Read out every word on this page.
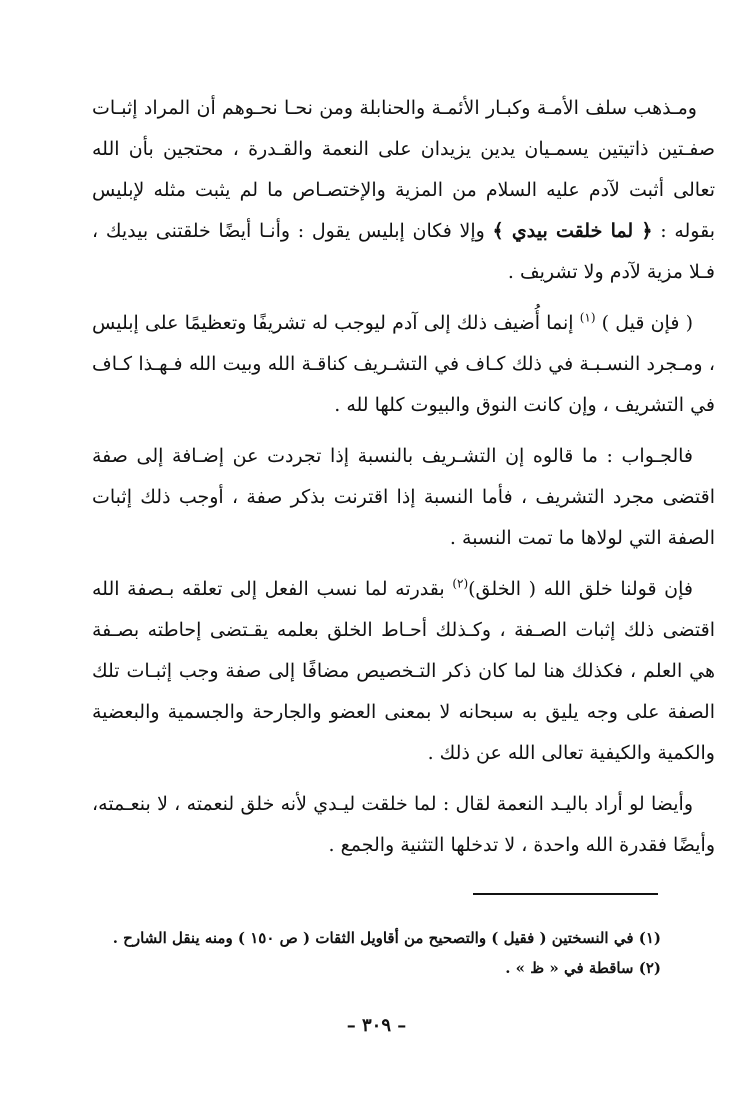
ومـذهب سلف الأمـة وكبـار الأئمـة والحنابلة ومن نحـا نحـوهم أن المراد إثبـات صفـتين ذاتيتين يسمـيان يدين يزيدان على النعمة والقـدرة ، محتجين بأن الله تعالى أثبت لآدم عليه السلام من المزية والإختصـاص ما لم يثبت مثله لإبليس بقوله : ﴿ لما خلقت بيدي ﴾ وإلا فكان إبليس يقول : وأنـا أيضًا خلقتنى بيديك ، فـلا مزية لآدم ولا تشريف .

( فإن قيل ) $^{(١)}$ إنما أُضيف ذلك إلى آدم ليوجب له تشريفًا وتعظيمًا على إبليس ، ومـجرد النسـبـة في ذلك كـاف في التشـريف كناقـة الله وبيت الله فـهـذا كـاف في التشريف ، وإن كانت النوق والبيوت كلها لله .

فالجـواب : ما قالوه إن التشـريف بالنسبة إذا تجردت عن إضـافة إلى صفة اقتضى مجرد التشريف ، فأما النسبة إذا اقترنت بذكر صفة ، أوجب ذلك إثبات الصفة التي لولاها ما تمت النسبة .

فإن قولنا خلق الله ( الخلق)$^{(٢)}$ بقدرته لما نسب الفعل إلى تعلقه بـصفة الله اقتضى ذلك إثبات الصـفة ، وكـذلك أحـاط الخلق بعلمه يقـتضى إحاطته بصـفة هي العلم ، فكذلك هنا لما كان ذكر التـخصيص مضافًا إلى صفة وجب إثبـات تلك الصفة على وجه يليق به سبحانه لا بمعنى العضو والجارحة والجسمية والبعضية والكمية والكيفية تعالى الله عن ذلك .

وأيضا لو أراد باليـد النعمة لقال : لما خلقت ليـدي لأنه خلق لنعمته ، لا بنعـمته، وأيضًا فقدرة الله واحدة ، لا تدخلها التثنية والجمع .

(١) في النسختين ( فقيل ) والتصحيح من أقاويل الثقات ( ص ١٥٠ ) ومنه ينقل الشارح .

(٢) ساقطة في « ظ » .

– ٣٠٩ –
